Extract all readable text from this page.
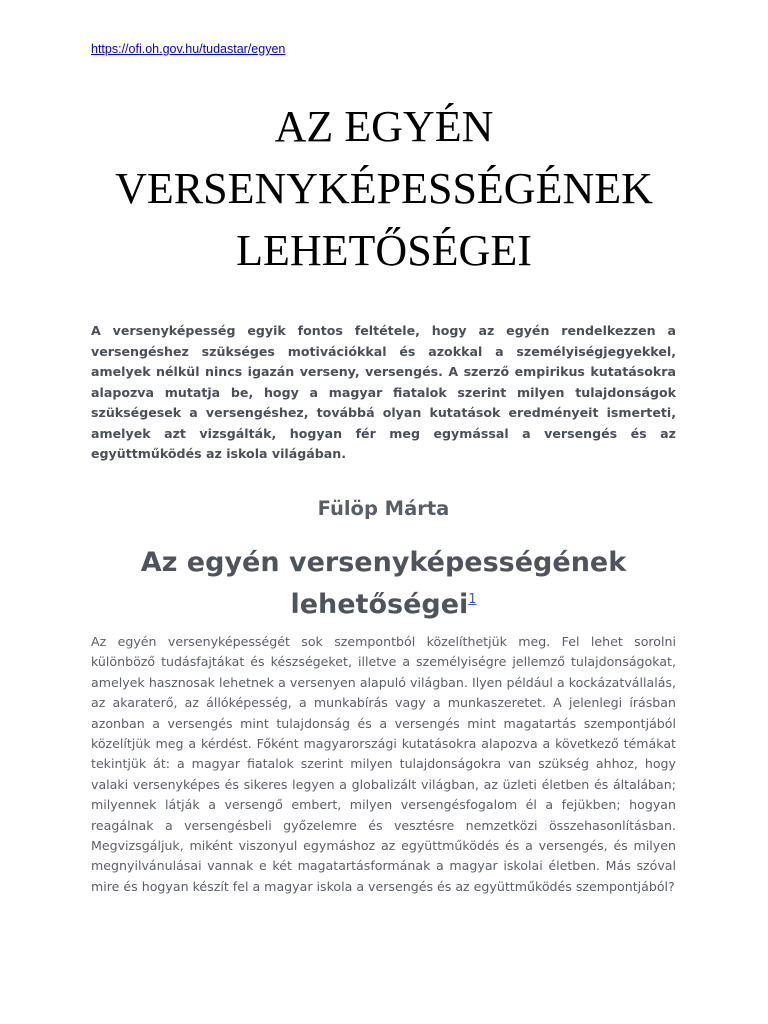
https://ofi.oh.gov.hu/tudastar/egyen
AZ EGYÉN VERSENYKÉPESSÉGÉNEK LEHETŐSÉGEI

A versenyképesség egyik fontos feltétele, hogy az egyén rendelkezzen a versengéshez szükséges motivációkkal és azokkal a személyiségjegyekkel, amelyek nélkül nincs igazán verseny, versengés. A szerző empirikus kutatásokra alapozva mutatja be, hogy a magyar fiatalok szerint milyen tulajdonságok szükségesek a versengéshez, továbbá olyan kutatások eredményeit ismerteti, amelyek azt vizsgálták, hogyan fér meg egymással a versengés és az együttműködés az iskola világában.

Fülöp Márta
Az egyén versenyképességének lehetőségei$^1$

Az egyén versenyképességét sok szempontból közelíthetjük meg. Fel lehet sorolni különböző tudásfajtákat és készségeket, illetve a személyiségre jellemző tulajdonságokat, amelyek hasznosak lehetnek a versenyen alapuló világban. Ilyen például a kockázatvállalás, az akaraterő, az állóképesség, a munkabírás vagy a munkaszeretet. A jelenlegi írásban azonban a versengés mint tulajdonság és a versengés mint magatartás szempontjából közelítjük meg a kérdést. Főként magyarországi kutatásokra alapozva a következő témákat tekintjük át: a magyar fiatalok szerint milyen tulajdonságokra van szükség ahhoz, hogy valaki versenyképes és sikeres legyen a globalizált világban, az üzleti életben és általában; milyennek látják a versengő embert, milyen versengésfogalom él a fejükben; hogyan reagálnak a versengésbeli győzelemre és vesztésre nemzetközi összehasonlításban. Megvizsgáljuk, miként viszonyul egymáshoz az együttműködés és a versengés, és milyen megnyilvánulásai vannak e két magatartásformának a magyar iskolai életben. Más szóval mire és hogyan készít fel a magyar iskola a versengés és az együttműködés szempontjából?
